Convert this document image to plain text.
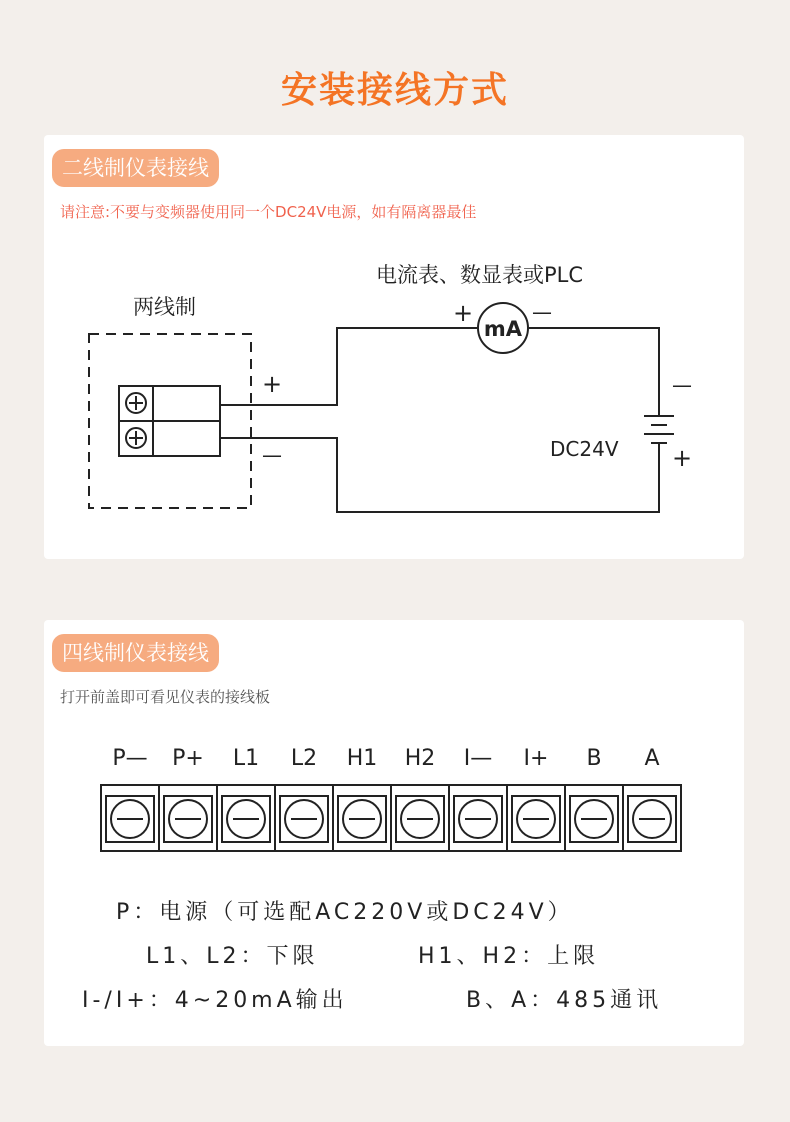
安装接线方式
二线制仪表接线
请注意:不要与变频器使用同一个DC24V电源，如有隔离器最佳
电流表、数显表或PLC
两线制
mA
+	—
DC24V
—
+
+
—
四线制仪表接线
打开前盖即可看见仪表的接线板
P— P+ L1 L2 H1 H2 I— I+ B A
P：电源（可选配AC220V或DC24V）
L1、L2：下限	H1、H2：上限
I-/I+：4~20mA输出	B、A：485通讯
